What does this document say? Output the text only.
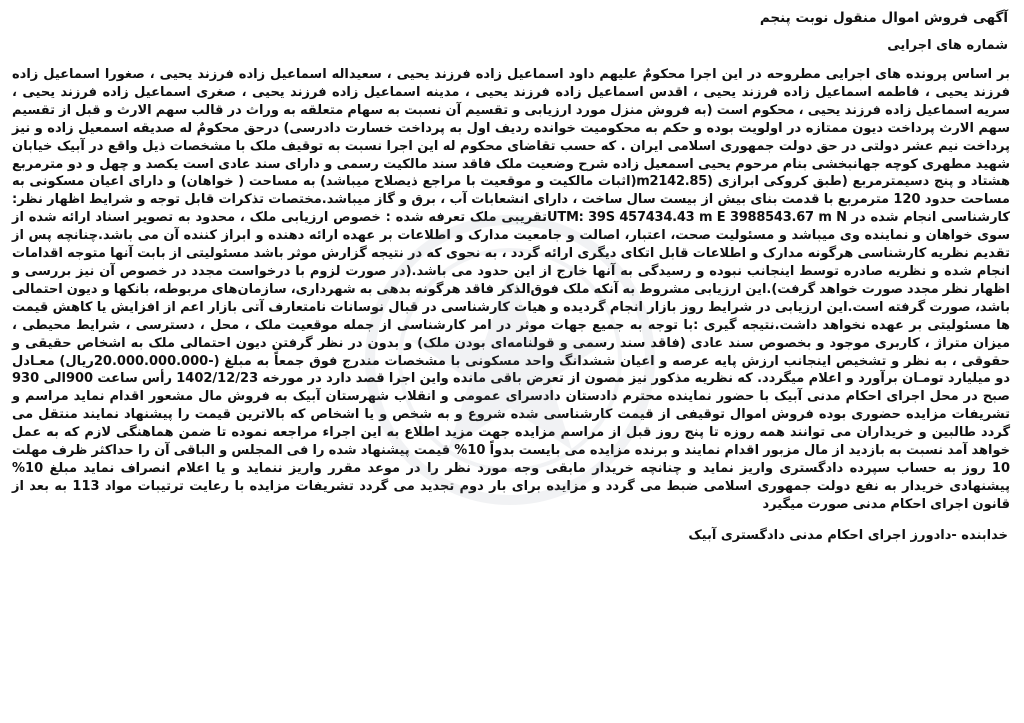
آگهی فروش اموال منقول نوبت پنجم
شماره های اجرایی
بر اساس پرونده های اجرایی مطروحه در این اجرا محکومٌ علیهم داود اسماعیل زاده فرزند یحیی ، سعیداله اسماعیل زاده فرزند یحیی ، صغورا اسماعیل زاده فرزند یحیی ، فاطمه اسماعیل زاده فرزند یحیی ، اقدس اسماعیل زاده فرزند یحیی ، مدینه اسماعیل زاده فرزند یحیی ، صغری اسماعیل زاده فرزند یحیی ، سریه اسماعیل زاده فرزند یحیی ، محکوم است (به فروش منزل مورد ارزیابی و تقسیم آن نسبت به سهام متعلقه به وراث در قالب سهم الارث و قبل از تقسیم سهم الارث پرداخت دیون ممتازه در اولویت بوده و حکم به محکومیت خوانده ردیف اول به پرداخت خسارت دادرسی) درحق محکومٌ له صدیقه اسمعیل زاده و نیز پرداخت نیم عشر دولتی در حق دولت جمهوری اسلامی ایران . که حسب تقاضای محکوم له این اجرا نسبت به توقیف ملک با مشخصات ذیل واقع در آبیک خیابان شهید مطهری کوچه جهانبخشی بنام مرحوم یحیی اسمعیل زاده شرح وضعیت ملک فاقد سند مالکیت رسمی و دارای سند عادی است یکصد و چهل و دو مترمربع هشتاد و پنج دسیمترمربع (طبق کروکی ابرازی (m2142.85(اثبات مالکیت و موقعیت با مراجع ذیصلاح میباشد) به مساحت ( خواهان) و دارای اعیان مسکونی به مساحت حدود 120 مترمربع با قدمت بنای بیش از بیست سال ساخت ، دارای انشعابات آب ، برق و گاز میباشد.مختصات تذکرات قابل توجه و شرایط اظهار نظر: کارشناسی انجام شده در UTM: 39S 457434.43 m E 3988543.67 m Nتقریبی ملک تعرفه شده : خصوص ارزیابی ملک ، محدود به تصویر اسناد ارائه شده از سوی خواهان و نماینده وی میباشد و مسئولیت صحت، اعتبار، اصالت و جامعیت مدارک و اطلاعات بر عهده ارائه دهنده و ابراز کننده آن می باشد.چنانچه پس از تقدیم نظریه کارشناسی هرگونه مدارک و اطلاعات قابل اتکای دیگری ارائه گردد ، به نحوی که در نتیجه گزارش موثر باشد مسئولیتی از بابت آنها متوجه اقدامات انجام شده و نظریه صادره توسط اینجانب نبوده و رسیدگی به آنها خارج از این حدود می باشد.(در صورت لزوم با درخواست مجدد در خصوص آن نیز بررسی و اظهار نظر مجدد صورت خواهد گرفت).این ارزیابی مشروط به آنکه ملک فوق‌الذکر فاقد هرگونه بدهی به شهرداری، سازمان‌های مربوطه، بانکها و دیون احتمالی باشد، صورت گرفته است.این ارزیابی در شرایط روز بازار انجام گردیده و هیات کارشناسی در قبال نوسانات نامتعارف آتی بازار اعم از افزایش یا کاهش قیمت ها مسئولیتی بر عهده نخواهد داشت.نتیجه گیری :با توجه به جمیع جهات موثر در امر کارشناسی از جمله موقعیت ملک ، محل ، دسترسی ، شرایط محیطی ، میزان متراژ ، کاربری موجود و بخصوص سند عادی (فاقد سند رسمی و قولنامه‌ای بودن ملک) و بدون در نظر گرفتن دیون احتمالی ملک به اشخاص حقیقی و حقوقی ، به نظر و تشخیص اینجانب ارزش پایه عرصه و اعیان ششدانگ واحد مسکونی با مشخصات مندرج فوق جمعاً به مبلغ (-20.000.000.000ریال) معـادل دو میلیارد تومـان برآورد و اعلام میگردد. که نظریه مذکور نیز مصون از تعرض باقی مانده واین اجرا قصد دارد در مورخه 1402/12/23 رأس ساعت 900الی 930 صبح در محل اجرای احکام مدنی آبیک با حضور نماینده محترم دادستان دادسرای عمومی و انقلاب شهرستان آبیک به فروش مال مشعور اقدام نماید مراسم و تشریفات مزایده حضوری بوده فروش اموال توقیفی از قیمت کارشناسی شده شروع و به شخص و یا اشخاص که بالاترین قیمت را پیشنهاد نمایند منتقل می گردد طالبین و خریداران می توانند همه روزه تا پنج روز قبل از مراسم مزایده جهت مزید اطلاع به این اجراء مراجعه نموده تا ضمن هماهنگی لازم که به عمل خواهد آمد نسبت به بازدید از مال مزبور اقدام نمایند و برنده مزایده می بایست بدواً 10% قیمت پیشنهاد شده را فی المجلس و الباقی آن را حداکثر ظرف مهلت 10 روز به حساب سپرده دادگستری واریز نماید و چنانچه خریدار مابقی وجه مورد نظر را در موعد مقرر واریز ننماید و یا اعلام انصراف نماید مبلغ 10% پیشنهادی خریدار به نفع دولت جمهوری اسلامی ضبط می گردد و مزایده برای بار دوم تجدید می گردد تشریفات مزایده با رعایت ترتیبات مواد 113 به بعد از قانون اجرای احکام مدنی صورت میگیرد
خدابنده -دادورز اجرای احکام مدنی دادگستری آبیک
